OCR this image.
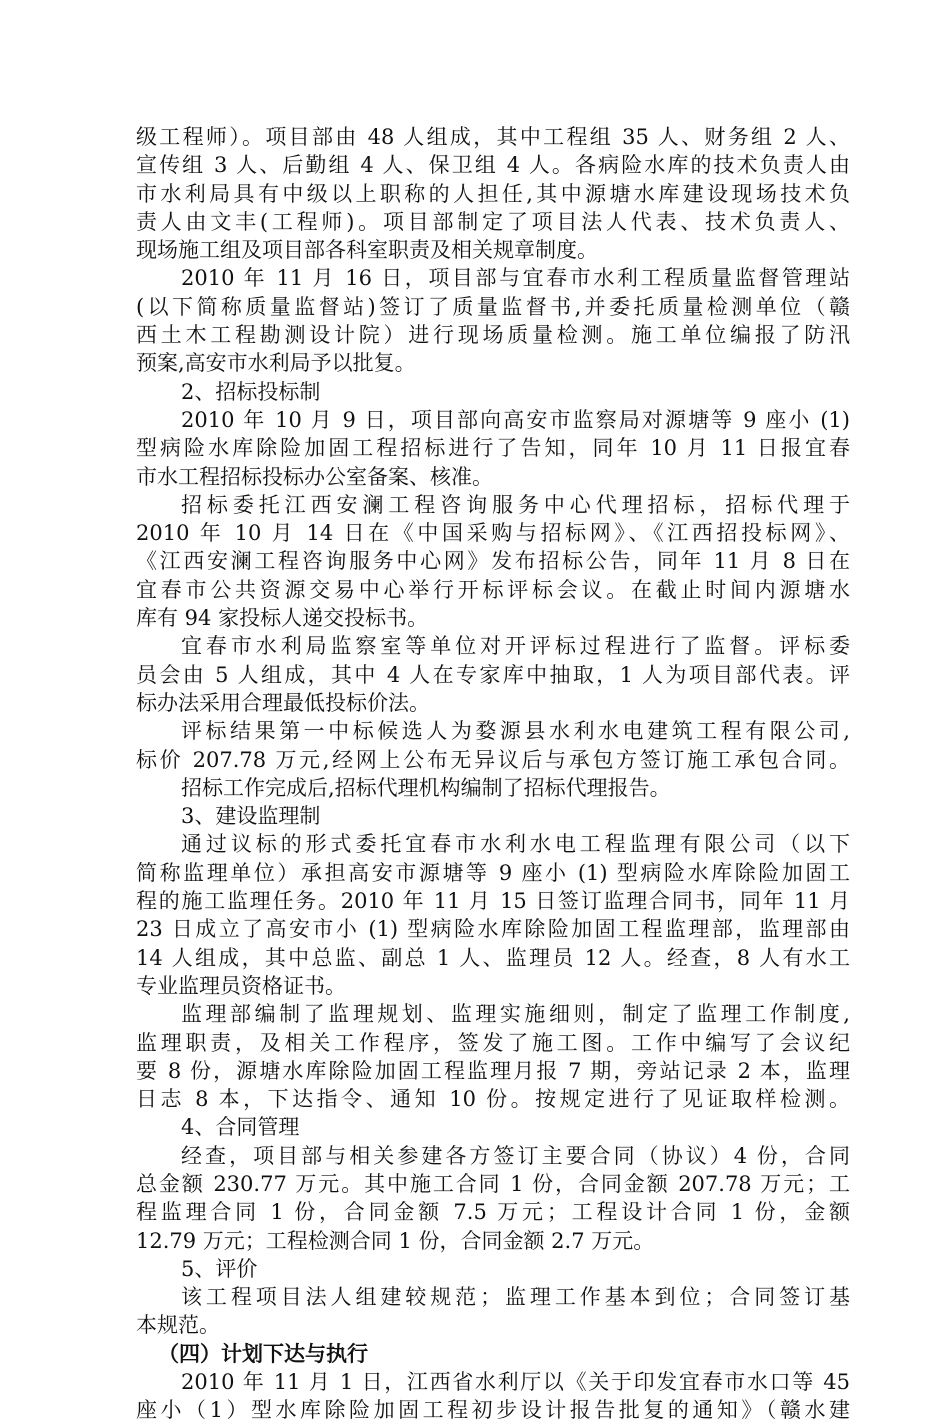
级工程师）。项目部由 48 人组成，其中工程组 35 人、财务组 2 人、
宣传组 3 人、后勤组 4 人、保卫组 4 人。各病险水库的技术负责人由
市水利局具有中级以上职称的人担任,其中源塘水库建设现场技术负
责人由文丰(工程师)。项目部制定了项目法人代表、技术负责人、
现场施工组及项目部各科室职责及相关规章制度。
2010 年 11 月 16 日，项目部与宜春市水利工程质量监督管理站
(以下简称质量监督站)签订了质量监督书,并委托质量检测单位（赣
西土木工程勘测设计院）进行现场质量检测。施工单位编报了防汛
预案,高安市水利局予以批复。
2、招标投标制
2010 年 10 月 9 日，项目部向高安市监察局对源塘等 9 座小 (1)
型病险水库除险加固工程招标进行了告知，同年 10 月 11 日报宜春
市水工程招标投标办公室备案、核准。
招标委托江西安澜工程咨询服务中心代理招标，招标代理于
2010 年 10 月 14 日在《中国采购与招标网》、《江西招投标网》、
《江西安澜工程咨询服务中心网》发布招标公告，同年 11 月 8 日在
宜春市公共资源交易中心举行开标评标会议。在截止时间内源塘水
库有 94 家投标人递交投标书。
宜春市水利局监察室等单位对开评标过程进行了监督。评标委
员会由 5 人组成，其中 4 人在专家库中抽取，1 人为项目部代表。评
标办法采用合理最低投标价法。
评标结果第一中标候选人为婺源县水利水电建筑工程有限公司,
标价 207.78 万元,经网上公布无异议后与承包方签订施工承包合同。
招标工作完成后,招标代理机构编制了招标代理报告。
3、建设监理制
通过议标的形式委托宜春市水利水电工程监理有限公司（以下
简称监理单位）承担高安市源塘等 9 座小 (1) 型病险水库除险加固工
程的施工监理任务。2010 年 11 月 15 日签订监理合同书，同年 11 月
23 日成立了高安市小 (1) 型病险水库除险加固工程监理部，监理部由
14 人组成，其中总监、副总 1 人、监理员 12 人。经查，8 人有水工
专业监理员资格证书。
监理部编制了监理规划、监理实施细则，制定了监理工作制度,
监理职责，及相关工作程序，签发了施工图。工作中编写了会议纪
要 8 份，源塘水库除险加固工程监理月报 7 期，旁站记录 2 本，监理
日志 8 本，下达指令、通知 10 份。按规定进行了见证取样检测。
4、合同管理
经查，项目部与相关参建各方签订主要合同（协议）4 份，合同
总金额 230.77 万元。其中施工合同 1 份，合同金额 207.78 万元；工
程监理合同 1 份，合同金额 7.5 万元；工程设计合同 1 份，金额
12.79 万元；工程检测合同 1 份，合同金额 2.7 万元。
5、评价
该工程项目法人组建较规范；监理工作基本到位；合同签订基
本规范。
（四）计划下达与执行
2010 年 11 月 1 日，江西省水利厅以《关于印发宜春市水口等 45
座小（1）型水库除险加固工程初步设计报告批复的通知》（赣水建
